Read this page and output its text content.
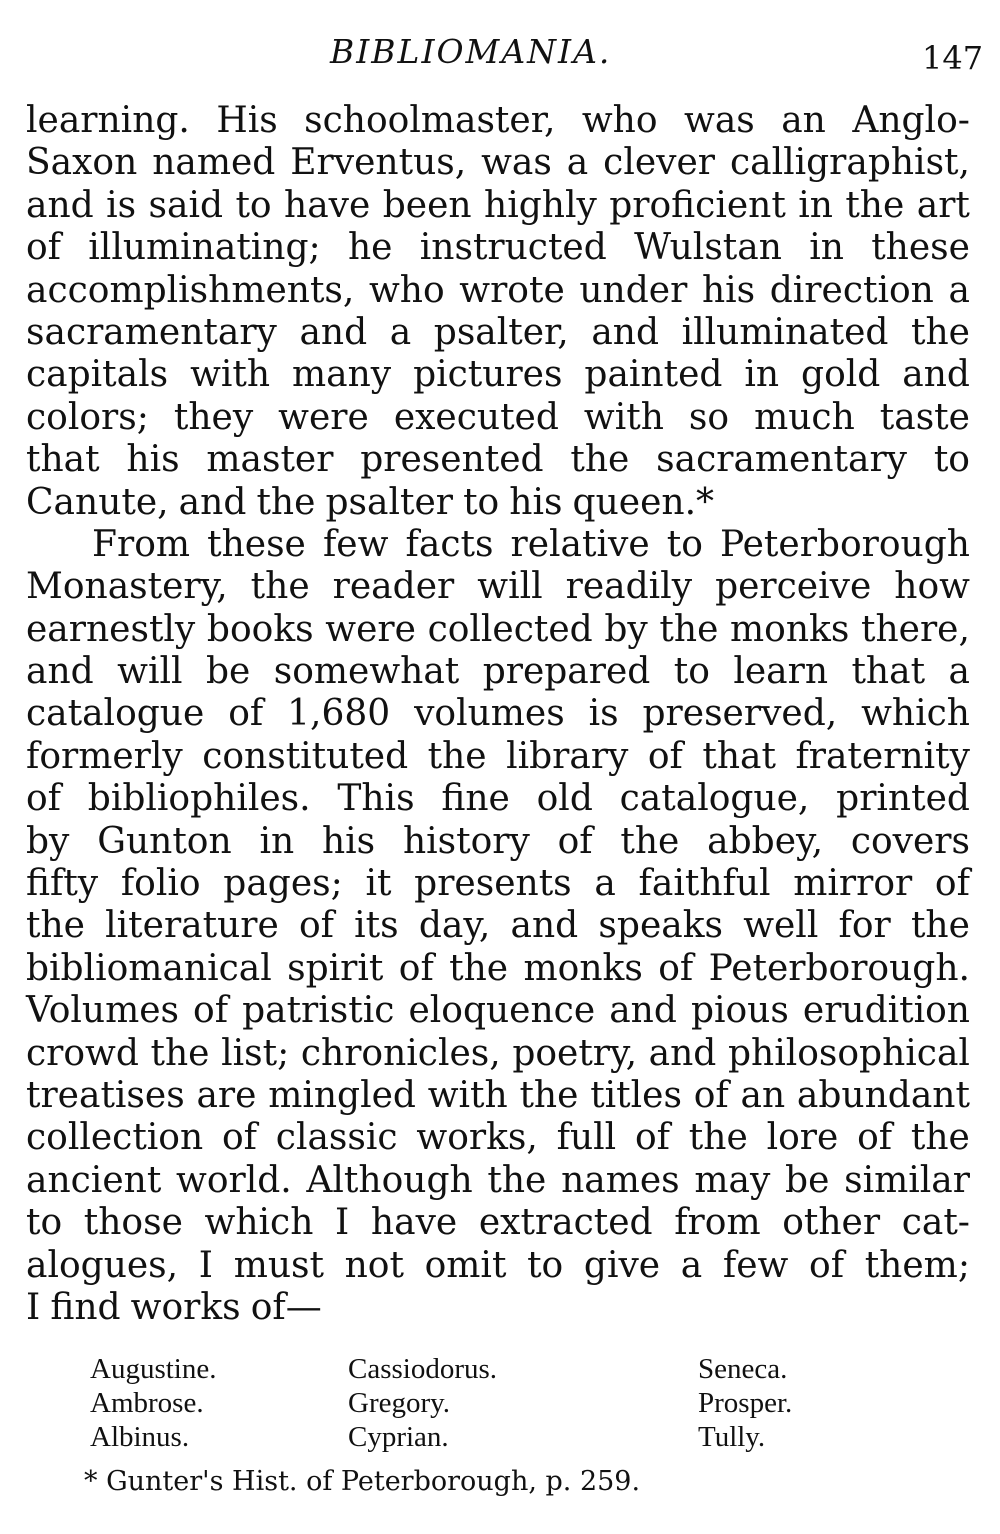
BIBLIOMANIA.	147
learning. His schoolmaster, who was an Anglo-
Saxon named Erventus, was a clever calligraphist,
and is said to have been highly proficient in the art
of illuminating; he instructed Wulstan in these
accomplishments, who wrote under his direction a
sacramentary and a psalter, and illuminated the
capitals with many pictures painted in gold and
colors; they were executed with so much taste
that his master presented the sacramentary to
Canute, and the psalter to his queen.*
From these few facts relative to Peterborough
Monastery, the reader will readily perceive how
earnestly books were collected by the monks there,
and will be somewhat prepared to learn that a
catalogue of 1,680 volumes is preserved, which
formerly constituted the library of that fraternity
of bibliophiles. This fine old catalogue, printed
by Gunton in his history of the abbey, covers
fifty folio pages; it presents a faithful mirror of
the literature of its day, and speaks well for the
bibliomanical spirit of the monks of Peterborough.
Volumes of patristic eloquence and pious erudition
crowd the list; chronicles, poetry, and philosophical
treatises are mingled with the titles of an abundant
collection of classic works, full of the lore of the
ancient world. Although the names may be similar
to those which I have extracted from other cat-
alogues, I must not omit to give a few of them;
I find works of—
Augustine.	Cassiodorus.	Seneca.
Ambrose.	Gregory.	Prosper.
Albinus.	Cyprian.	Tully.
* Gunter's Hist. of Peterborough, p. 259.
